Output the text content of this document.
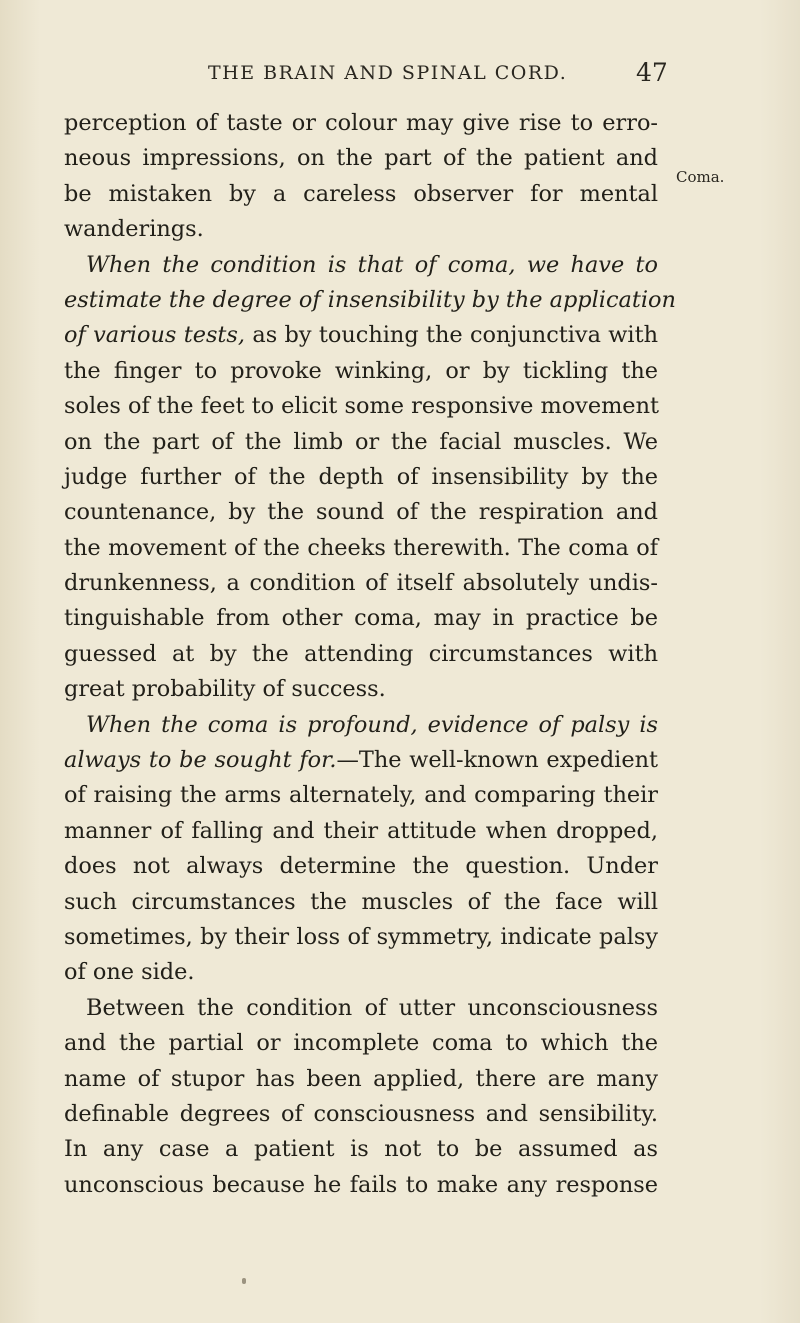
THE BRAIN AND SPINAL CORD.	47
Coma.
perception of taste or colour may give rise to erro-
neous impressions, on the part of the patient and
be mistaken by a careless observer for mental
wanderings.
When the condition is that of coma, we have to
estimate the degree of insensibility by the application
of various tests, as by touching the conjunctiva with
the finger to provoke winking, or by tickling the
soles of the feet to elicit some responsive movement
on the part of the limb or the facial muscles. We
judge further of the depth of insensibility by the
countenance, by the sound of the respiration and
the movement of the cheeks therewith. The coma of
drunkenness, a condition of itself absolutely undis-
tinguishable from other coma, may in practice be
guessed at by the attending circumstances with
great probability of success.
When the coma is profound, evidence of palsy is
always to be sought for.—The well-known expedient
of raising the arms alternately, and comparing their
manner of falling and their attitude when dropped,
does not always determine the question. Under
such circumstances the muscles of the face will
sometimes, by their loss of symmetry, indicate palsy
of one side.
Between the condition of utter unconsciousness
and the partial or incomplete coma to which the
name of stupor has been applied, there are many
definable degrees of consciousness and sensibility.
In any case a patient is not to be assumed as
unconscious because he fails to make any response
